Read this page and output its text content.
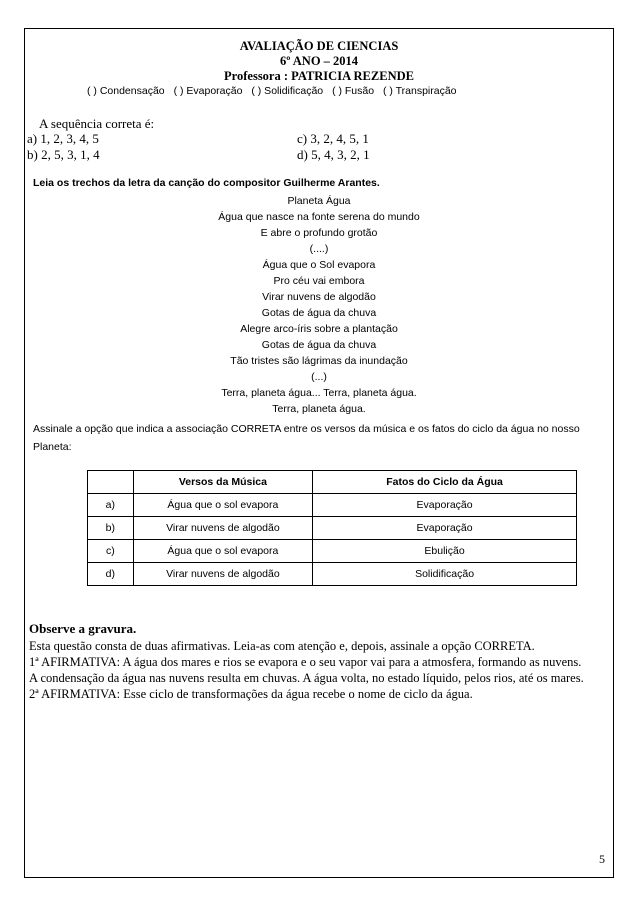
AVALIAÇÃO DE CIENCIAS
6º ANO – 2014
Professora : PATRICIA REZENDE
( ) Condensação ( ) Evaporação ( ) Solidificação ( ) Fusão ( ) Transpiração
A sequência correta é:
a) 1, 2, 3, 4, 5
b) 2, 5, 3, 1, 4
c) 3, 2, 4, 5, 1
d) 5, 4, 3, 2, 1
Leia os trechos da letra da canção do compositor Guilherme Arantes.
Planeta Água
Água que nasce na fonte serena do mundo
E abre o profundo grotão
(....)
Água que o Sol evapora
Pro céu vai embora
Virar nuvens de algodão
Gotas de água da chuva
Alegre arco-íris sobre a plantação
Gotas de água da chuva
Tão tristes são lágrimas da inundação
(...)
Terra, planeta água... Terra, planeta água.
Terra, planeta água.
Assinale a opção que indica a associação CORRETA entre os versos da música e os fatos do ciclo da água no nosso
Planeta:
Observe a gravura.
Esta questão consta de duas afirmativas. Leia-as com atenção e, depois, assinale a opção CORRETA.
1ª AFIRMATIVA: A água dos mares e rios se evapora e o seu vapor vai para a atmosfera, formando as nuvens.
A condensação da água nas nuvens resulta em chuvas. A água volta, no estado líquido, pelos rios, até os mares.
2ª AFIRMATIVA: Esse ciclo de transformações da água recebe o nome de ciclo da água.
5
	Versos da Música	Fatos do Ciclo da Água
a)	Água que o sol evapora	Evaporação
b)	Virar nuvens de algodão	Evaporação
c)	Água que o sol evapora	Ebulição
d)	Virar nuvens de algodão	Solidificação
